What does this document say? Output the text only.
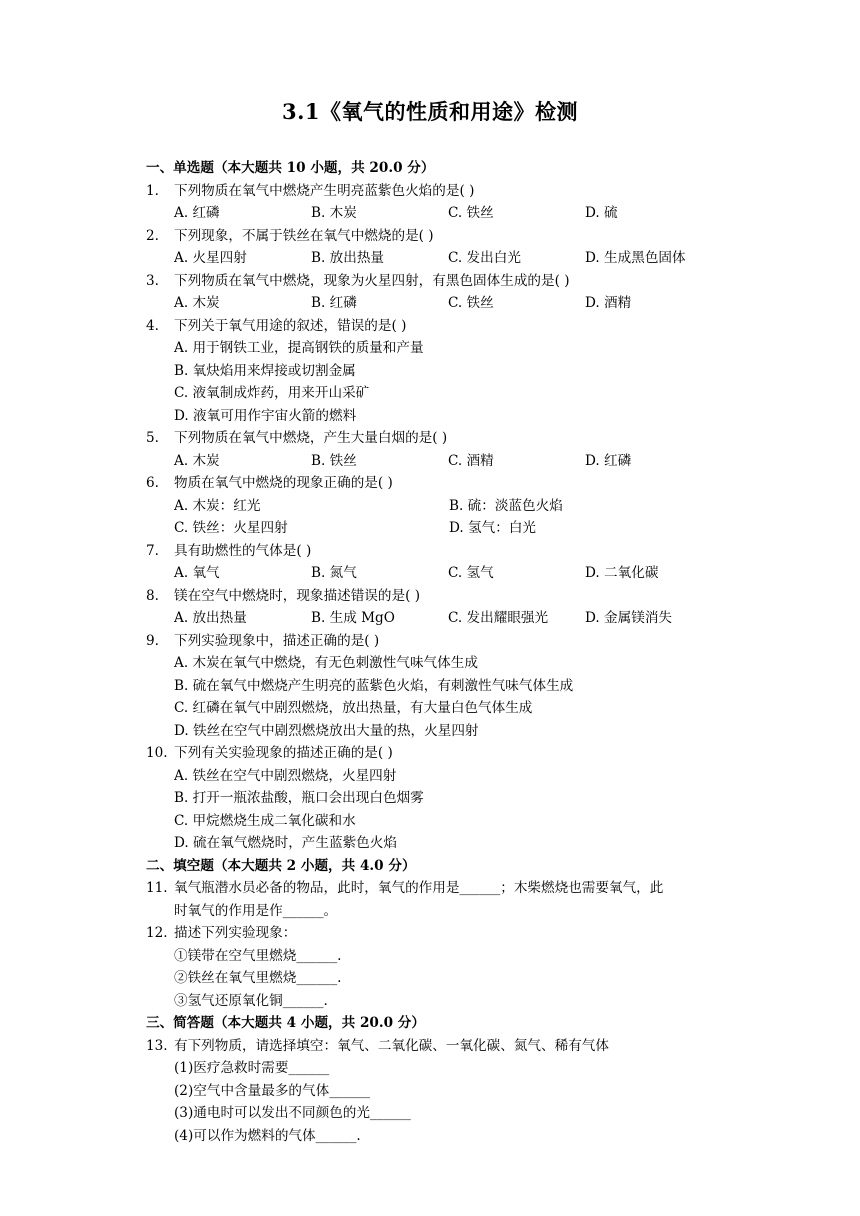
3.1《氧气的性质和用途》检测
一、单选题（本大题共 10 小题，共 20.0 分）
1. 下列物质在氧气中燃烧产生明亮蓝紫色火焰的是( )
A. 红磷	B. 木炭	C. 铁丝	D. 硫
2. 下列现象，不属于铁丝在氧气中燃烧的是( )
A. 火星四射	B. 放出热量	C. 发出白光	D. 生成黑色固体
3. 下列物质在氧气中燃烧，现象为火星四射，有黑色固体生成的是( )
A. 木炭	B. 红磷	C. 铁丝	D. 酒精
4. 下列关于氧气用途的叙述，错误的是( )
A. 用于钢铁工业，提高钢铁的质量和产量
B. 氧炔焰用来焊接或切割金属
C. 液氧制成炸药，用来开山采矿
D. 液氧可用作宇宙火箭的燃料
5. 下列物质在氧气中燃烧，产生大量白烟的是( )
A. 木炭	B. 铁丝	C. 酒精	D. 红磷
6. 物质在氧气中燃烧的现象正确的是( )
A. 木炭：红光	B. 硫：淡蓝色火焰
C. 铁丝：火星四射	D. 氢气：白光
7. 具有助燃性的气体是( )
A. 氧气	B. 氮气	C. 氢气	D. 二氧化碳
8. 镁在空气中燃烧时，现象描述错误的是( )
A. 放出热量	B. 生成 MgO	C. 发出耀眼强光	D. 金属镁消失
9. 下列实验现象中，描述正确的是( )
A. 木炭在氧气中燃烧，有无色刺激性气味气体生成
B. 硫在氧气中燃烧产生明亮的蓝紫色火焰，有刺激性气味气体生成
C. 红磷在氧气中剧烈燃烧，放出热量，有大量白色气体生成
D. 铁丝在空气中剧烈燃烧放出大量的热，火星四射
10. 下列有关实验现象的描述正确的是( )
A. 铁丝在空气中剧烈燃烧，火星四射
B. 打开一瓶浓盐酸，瓶口会出现白色烟雾
C. 甲烷燃烧生成二氧化碳和水
D. 硫在氧气燃烧时，产生蓝紫色火焰
二、填空题（本大题共 2 小题，共 4.0 分）
11. 氧气瓶潜水员必备的物品，此时，氧气的作用是______；木柴燃烧也需要氧气，此
时氧气的作用是作______。
12. 描述下列实验现象：
①镁带在空气里燃烧______.
②铁丝在氧气里燃烧______.
③氢气还原氧化铜______.
三、简答题（本大题共 4 小题，共 20.0 分）
13. 有下列物质，请选择填空：氧气、二氧化碳、一氧化碳、氮气、稀有气体
(1)医疗急救时需要______
(2)空气中含量最多的气体______
(3)通电时可以发出不同颜色的光______
(4)可以作为燃料的气体______.
